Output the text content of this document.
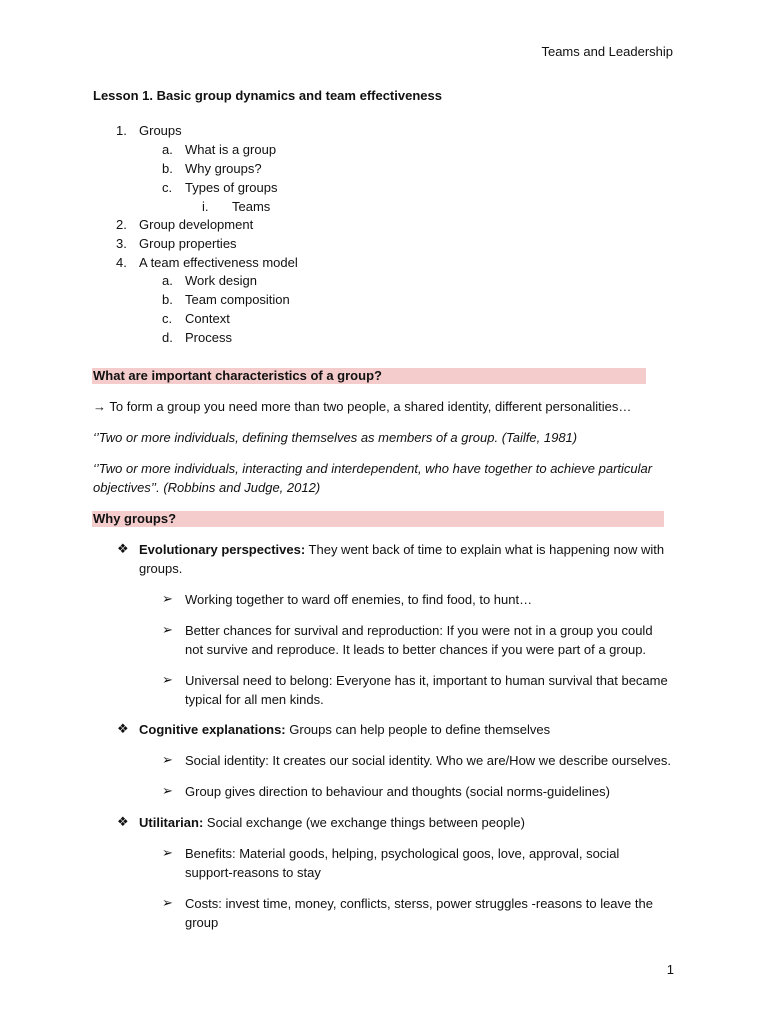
Teams and Leadership
Lesson 1. Basic group dynamics and team effectiveness
1. Groups
a. What is a group
b. Why groups?
c. Types of groups
i. Teams
2. Group development
3. Group properties
4. A team effectiveness model
a. Work design
b. Team composition
c. Context
d. Process
What are important characteristics of a group?
→ To form a group you need more than two people, a shared identity, different personalities…
‘’Two or more individuals, defining themselves as members of a group. (Tailfe, 1981)
‘’Two or more individuals, interacting and interdependent, who have together to achieve particular objectives’’. (Robbins and Judge, 2012)
Why groups?
❖ Evolutionary perspectives: They went back of time to explain what is happening now with groups.
➢ Working together to ward off enemies, to find food, to hunt…
➢ Better chances for survival and reproduction: If you were not in a group you could not survive and reproduce. It leads to better chances if you were part of a group.
➢ Universal need to belong: Everyone has it, important to human survival that became typical for all men kinds.
❖ Cognitive explanations: Groups can help people to define themselves
➢ Social identity: It creates our social identity. Who we are/How we describe ourselves.
➢ Group gives direction to behaviour and thoughts (social norms-guidelines)
❖ Utilitarian: Social exchange (we exchange things between people)
➢ Benefits: Material goods, helping, psychological goos, love, approval, social support-reasons to stay
➢ Costs: invest time, money, conflicts, sterss, power struggles -reasons to leave the group
1
